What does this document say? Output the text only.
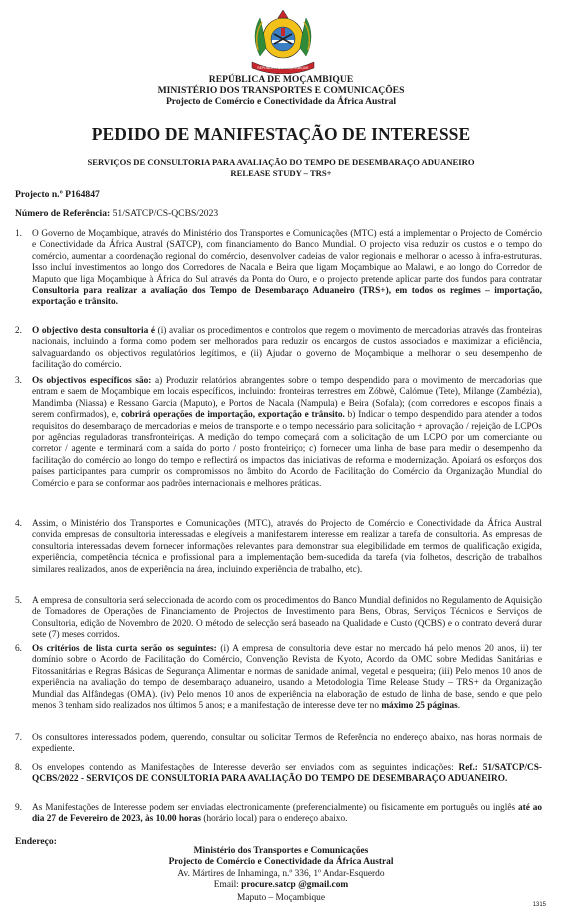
REPÚBLICA DE MOÇAMBIQUE
REPÚBLICA DE MOÇAMBIQUE
MINISTÉRIO DOS TRANSPORTES E COMUNICAÇÕES
Projecto de Comércio e Conectividade da África Austral
PEDIDO DE MANIFESTAÇÃO DE INTERESSE
SERVIÇOS DE CONSULTORIA PARA AVALIAÇÃO DO TEMPO DE DESEMBARAÇO ADUANEIRO
RELEASE STUDY – TRS+
Projecto n.º P164847
Número de Referência: 51/SATCP/CS-QCBS/2023
1. O Governo de Moçambique, através do Ministério dos Transportes e Comunicações (MTC) está a implementar o Projecto de Comércio e Conectividade da África Austral (SATCP), com financiamento do Banco Mundial. O projecto visa reduzir os custos e o tempo do comércio, aumentar a coordenação regional do comércio, desenvolver cadeias de valor regionais e melhorar o acesso à infra-estruturas. Isso incluí investimentos ao longo dos Corredores de Nacala e Beira que ligam Moçambique ao Malawi, e ao longo do Corredor de Maputo que liga Moçambique à África do Sul através da Ponta do Ouro, e o projecto pretende aplicar parte dos fundos para contratar Consultoria para realizar a avaliação dos Tempo de Desembaraço Aduaneiro (TRS+), em todos os regimes – importação, exportação e trânsito.
2. O objectivo desta consultoria é (i) avaliar os procedimentos e controlos que regem o movimento de mercadorias através das fronteiras nacionais, incluindo a forma como podem ser melhorados para reduzir os encargos de custos associados e maximizar a eficiência, salvaguardando os objectivos regulatórios legítimos, e (ii) Ajudar o governo de Moçambique a melhorar o seu desempenho de facilitação do comércio.
3. Os objectivos específicos são: a) Produzir relatórios abrangentes sobre o tempo despendido para o movimento de mercadorias que entram e saem de Moçambique em locais específicos, incluindo: fronteiras terrestres em Zóbwè, Calómue (Tete), Milange (Zambézia), Mandimba (Niassa) e Ressano Garcia (Maputo), e Portos de Nacala (Nampula) e Beira (Sofala); (com corredores e escopos finais a serem confirmados), e, cobrirá operações de importação, exportação e trânsito. b) Indicar o tempo despendido para atender a todos requisitos do desembaraço de mercadorias e meios de transporte e o tempo necessário para solicitação + aprovação / rejeição de LCPOs por agências reguladoras transfronteiriças. A medição do tempo começará com a solicitação de um LCPO por um comerciante ou corretor / agente e terminará com a saída do porto / posto fronteiriço; c) fornecer uma linha de base para medir o desempenho da facilitação do comércio ao longo do tempo e reflectirá os impactos das iniciativas de reforma e modernização. Apoiará os esforços dos países participantes para cumprir os compromissos no âmbito do Acordo de Facilitação do Comércio da Organização Mundial do Comércio e para se conformar aos padrões internacionais e melhores práticas.
4. Assim, o Ministério dos Transportes e Comunicações (MTC), através do Projecto de Comércio e Conectividade da África Austral convida empresas de consultoria interessadas e elegíveis a manifestarem interesse em realizar a tarefa de consultoria. As empresas de consultoria interessadas devem fornecer informações relevantes para demonstrar sua elegibilidade em termos de qualificação exigida, experiência, competência técnica e profissional para a implementação bem-sucedida da tarefa (via folhetos, descrição de trabalhos similares realizados, anos de experiência na área, incluindo experiência de trabalho, etc).
5. A empresa de consultoria será seleccionada de acordo com os procedimentos do Banco Mundial definidos no Regulamento de Aquisição de Tomadores de Operações de Financiamento de Projectos de Investimento para Bens, Obras, Serviços Técnicos e Serviços de Consultoria, edição de Novembro de 2020. O método de selecção será baseado na Qualidade e Custo (QCBS) e o contrato deverá durar sete (7) meses corridos.
6. Os critérios de lista curta serão os seguintes: (i) A empresa de consultoria deve estar no mercado há pelo menos 20 anos, ii) ter domínio sobre o Acordo de Facilitação do Comércio, Convenção Revista de Kyoto, Acordo da OMC sobre Medidas Sanitárias e Fitossanitárias e Regras Básicas de Segurança Alimentar e normas de sanidade animal, vegetal e pesqueira; (iii) Pelo menos 10 anos de experiência na avaliação do tempo de desembaraço aduaneiro, usando a Metodologia Time Release Study – TRS+ da Organização Mundial das Alfândegas (OMA). (iv) Pelo menos 10 anos de experiência na elaboração de estudo de linha de base, sendo e que pelo menos 3 tenham sido realizados nos últimos 5 anos; e a manifestação de interesse deve ter no máximo 25 páginas.
7. Os consultores interessados podem, querendo, consultar ou solicitar Termos de Referência no endereço abaixo, nas horas normais de expediente.
8. Os envelopes contendo as Manifestações de Interesse deverão ser enviados com as seguintes indicações: Ref.: 51/SATCP/CS-QCBS/2022 - SERVIÇOS DE CONSULTORIA PARA AVALIAÇÃO DO TEMPO DE DESEMBARAÇO ADUANEIRO.
9. As Manifestações de Interesse podem ser enviadas electronicamente (preferencialmente) ou fisicamente em português ou inglês até ao dia 27 de Fevereiro de 2023, às 10.00 horas (horário local) para o endereço abaixo.
Endereço:
Ministério dos Transportes e Comunicações
Projecto de Comércio e Conectividade da África Austral
Av. Mártires de Inhaminga, n.º 336, 1º Andar-Esquerdo
Email: procure.satcp @gmail.com
Maputo – Moçambique
1315
